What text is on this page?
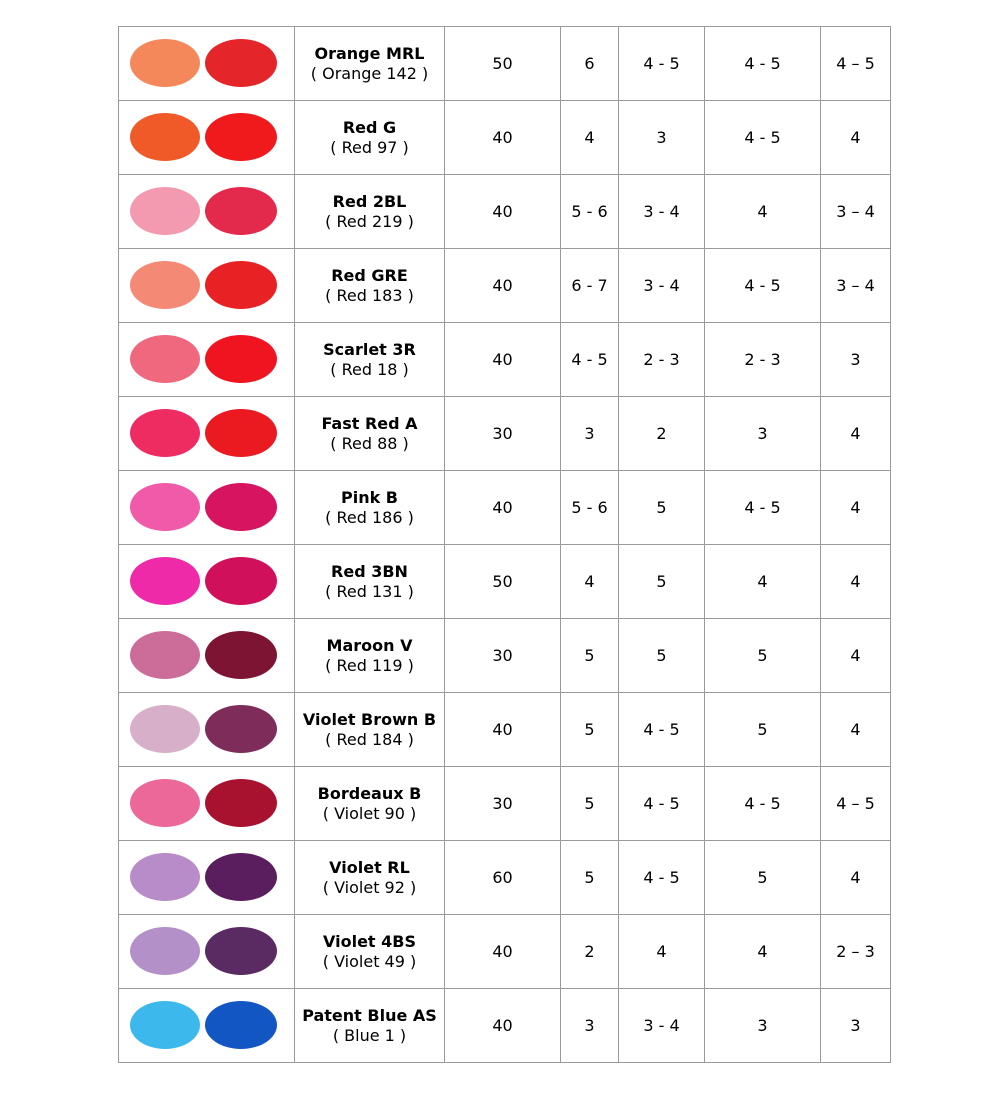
	Orange MRL
( Orange 142 )	50	6	4 - 5	4 - 5	4 – 5

	Red G
( Red 97 )	40	4	3	4 - 5	4

	Red 2BL
( Red 219 )	40	5 - 6	3 - 4	4	3 – 4

	Red GRE
( Red 183 )	40	6 - 7	3 - 4	4 - 5	3 – 4

	Scarlet 3R
( Red 18 )	40	4 - 5	2 - 3	2 - 3	3

	Fast Red A
( Red 88 )	30	3	2	3	4

	Pink B
( Red 186 )	40	5 - 6	5	4 - 5	4

	Red 3BN
( Red 131 )	50	4	5	4	4

	Maroon V
( Red 119 )	30	5	5	5	4

	Violet Brown B
( Red 184 )	40	5	4 - 5	5	4

	Bordeaux B
( Violet 90 )	30	5	4 - 5	4 - 5	4 – 5

	Violet RL
( Violet 92 )	60	5	4 - 5	5	4

	Violet 4BS
( Violet 49 )	40	2	4	4	2 – 3

	Patent Blue AS
( Blue 1 )	40	3	3 - 4	3	3
